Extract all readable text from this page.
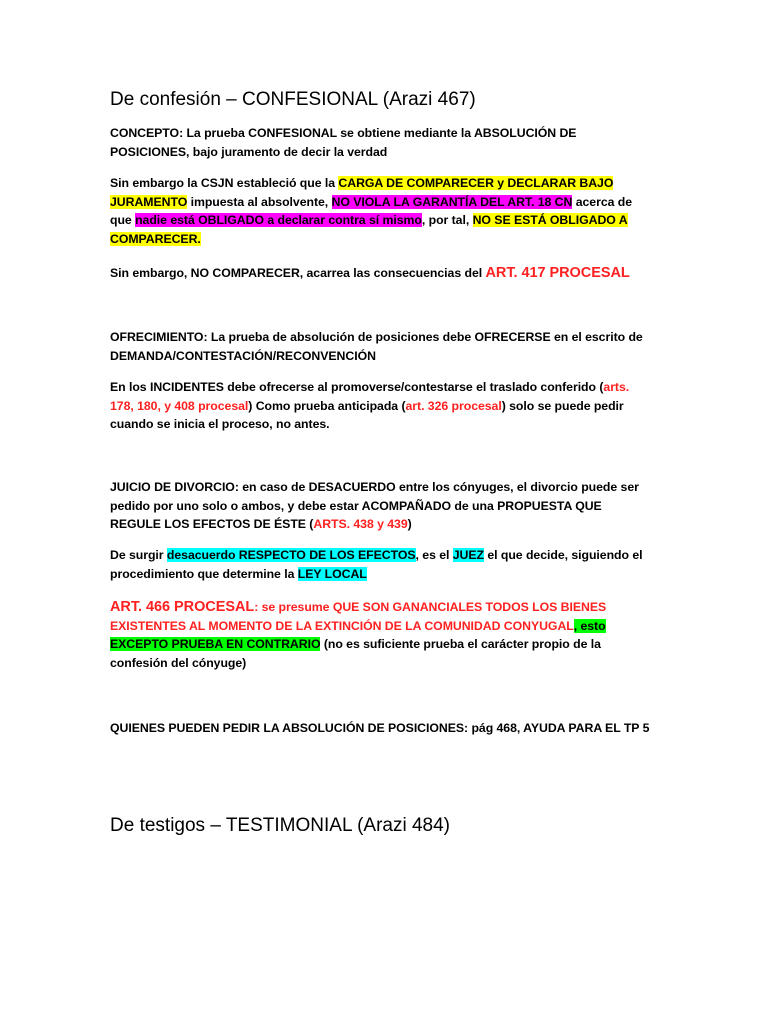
De confesión – CONFESIONAL (Arazi 467)

CONCEPTO: La prueba CONFESIONAL se obtiene mediante la ABSOLUCIÓN DE POSICIONES, bajo juramento de decir la verdad

Sin embargo la CSJN estableció que la CARGA DE COMPARECER y DECLARAR BAJO JURAMENTO impuesta al absolvente, NO VIOLA LA GARANTÍA DEL ART. 18 CN acerca de que nadie está OBLIGADO a declarar contra sí mismo, por tal, NO SE ESTÁ OBLIGADO A COMPARECER.

Sin embargo, NO COMPARECER, acarrea las consecuencias del ART. 417 PROCESAL

OFRECIMIENTO: La prueba de absolución de posiciones debe OFRECERSE en el escrito de DEMANDA/CONTESTACIÓN/RECONVENCIÓN

En los INCIDENTES debe ofrecerse al promoverse/contestarse el traslado conferido (arts. 178, 180, y 408 procesal) Como prueba anticipada (art. 326 procesal) solo se puede pedir cuando se inicia el proceso, no antes.

JUICIO DE DIVORCIO: en caso de DESACUERDO entre los cónyuges, el divorcio puede ser pedido por uno solo o ambos, y debe estar ACOMPAÑADO de una PROPUESTA QUE REGULE LOS EFECTOS DE ÉSTE (ARTS. 438 y 439)

De surgir desacuerdo RESPECTO DE LOS EFECTOS, es el JUEZ el que decide, siguiendo el procedimiento que determine la LEY LOCAL

ART. 466 PROCESAL: se presume QUE SON GANANCIALES TODOS LOS BIENES EXISTENTES AL MOMENTO DE LA EXTINCIÓN DE LA COMUNIDAD CONYUGAL, esto EXCEPTO PRUEBA EN CONTRARIO (no es suficiente prueba el carácter propio de la confesión del cónyuge)

QUIENES PUEDEN PEDIR LA ABSOLUCIÓN DE POSICIONES: pág 468, AYUDA PARA EL TP 5

De testigos – TESTIMONIAL (Arazi 484)
